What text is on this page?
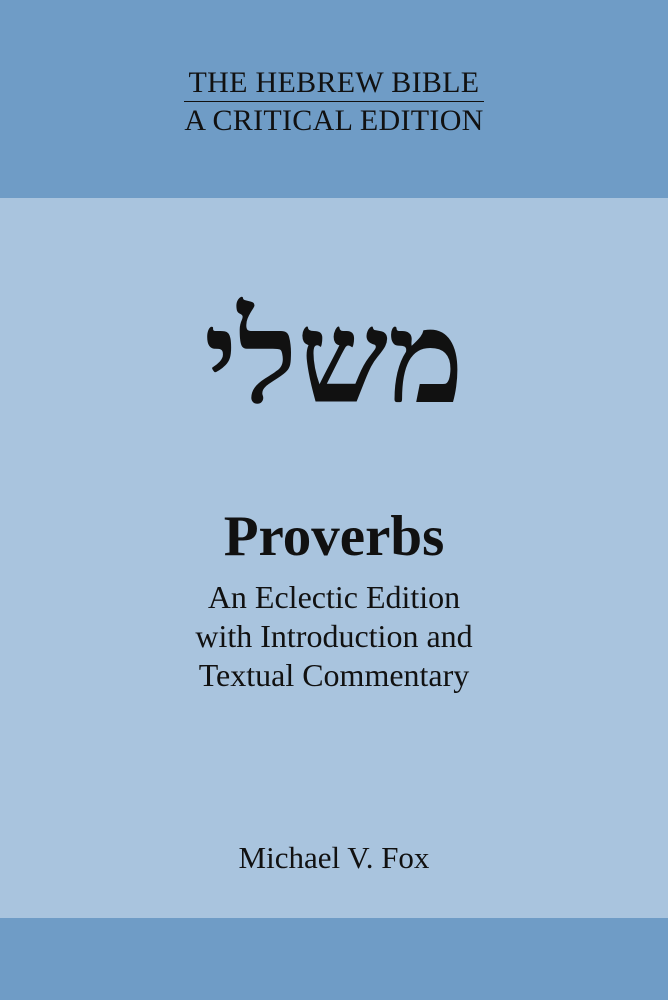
THE HEBREW BIBLE
A CRITICAL EDITION
משלי
Proverbs
An Eclectic Edition
with Introduction and
Textual Commentary
Michael V. Fox
